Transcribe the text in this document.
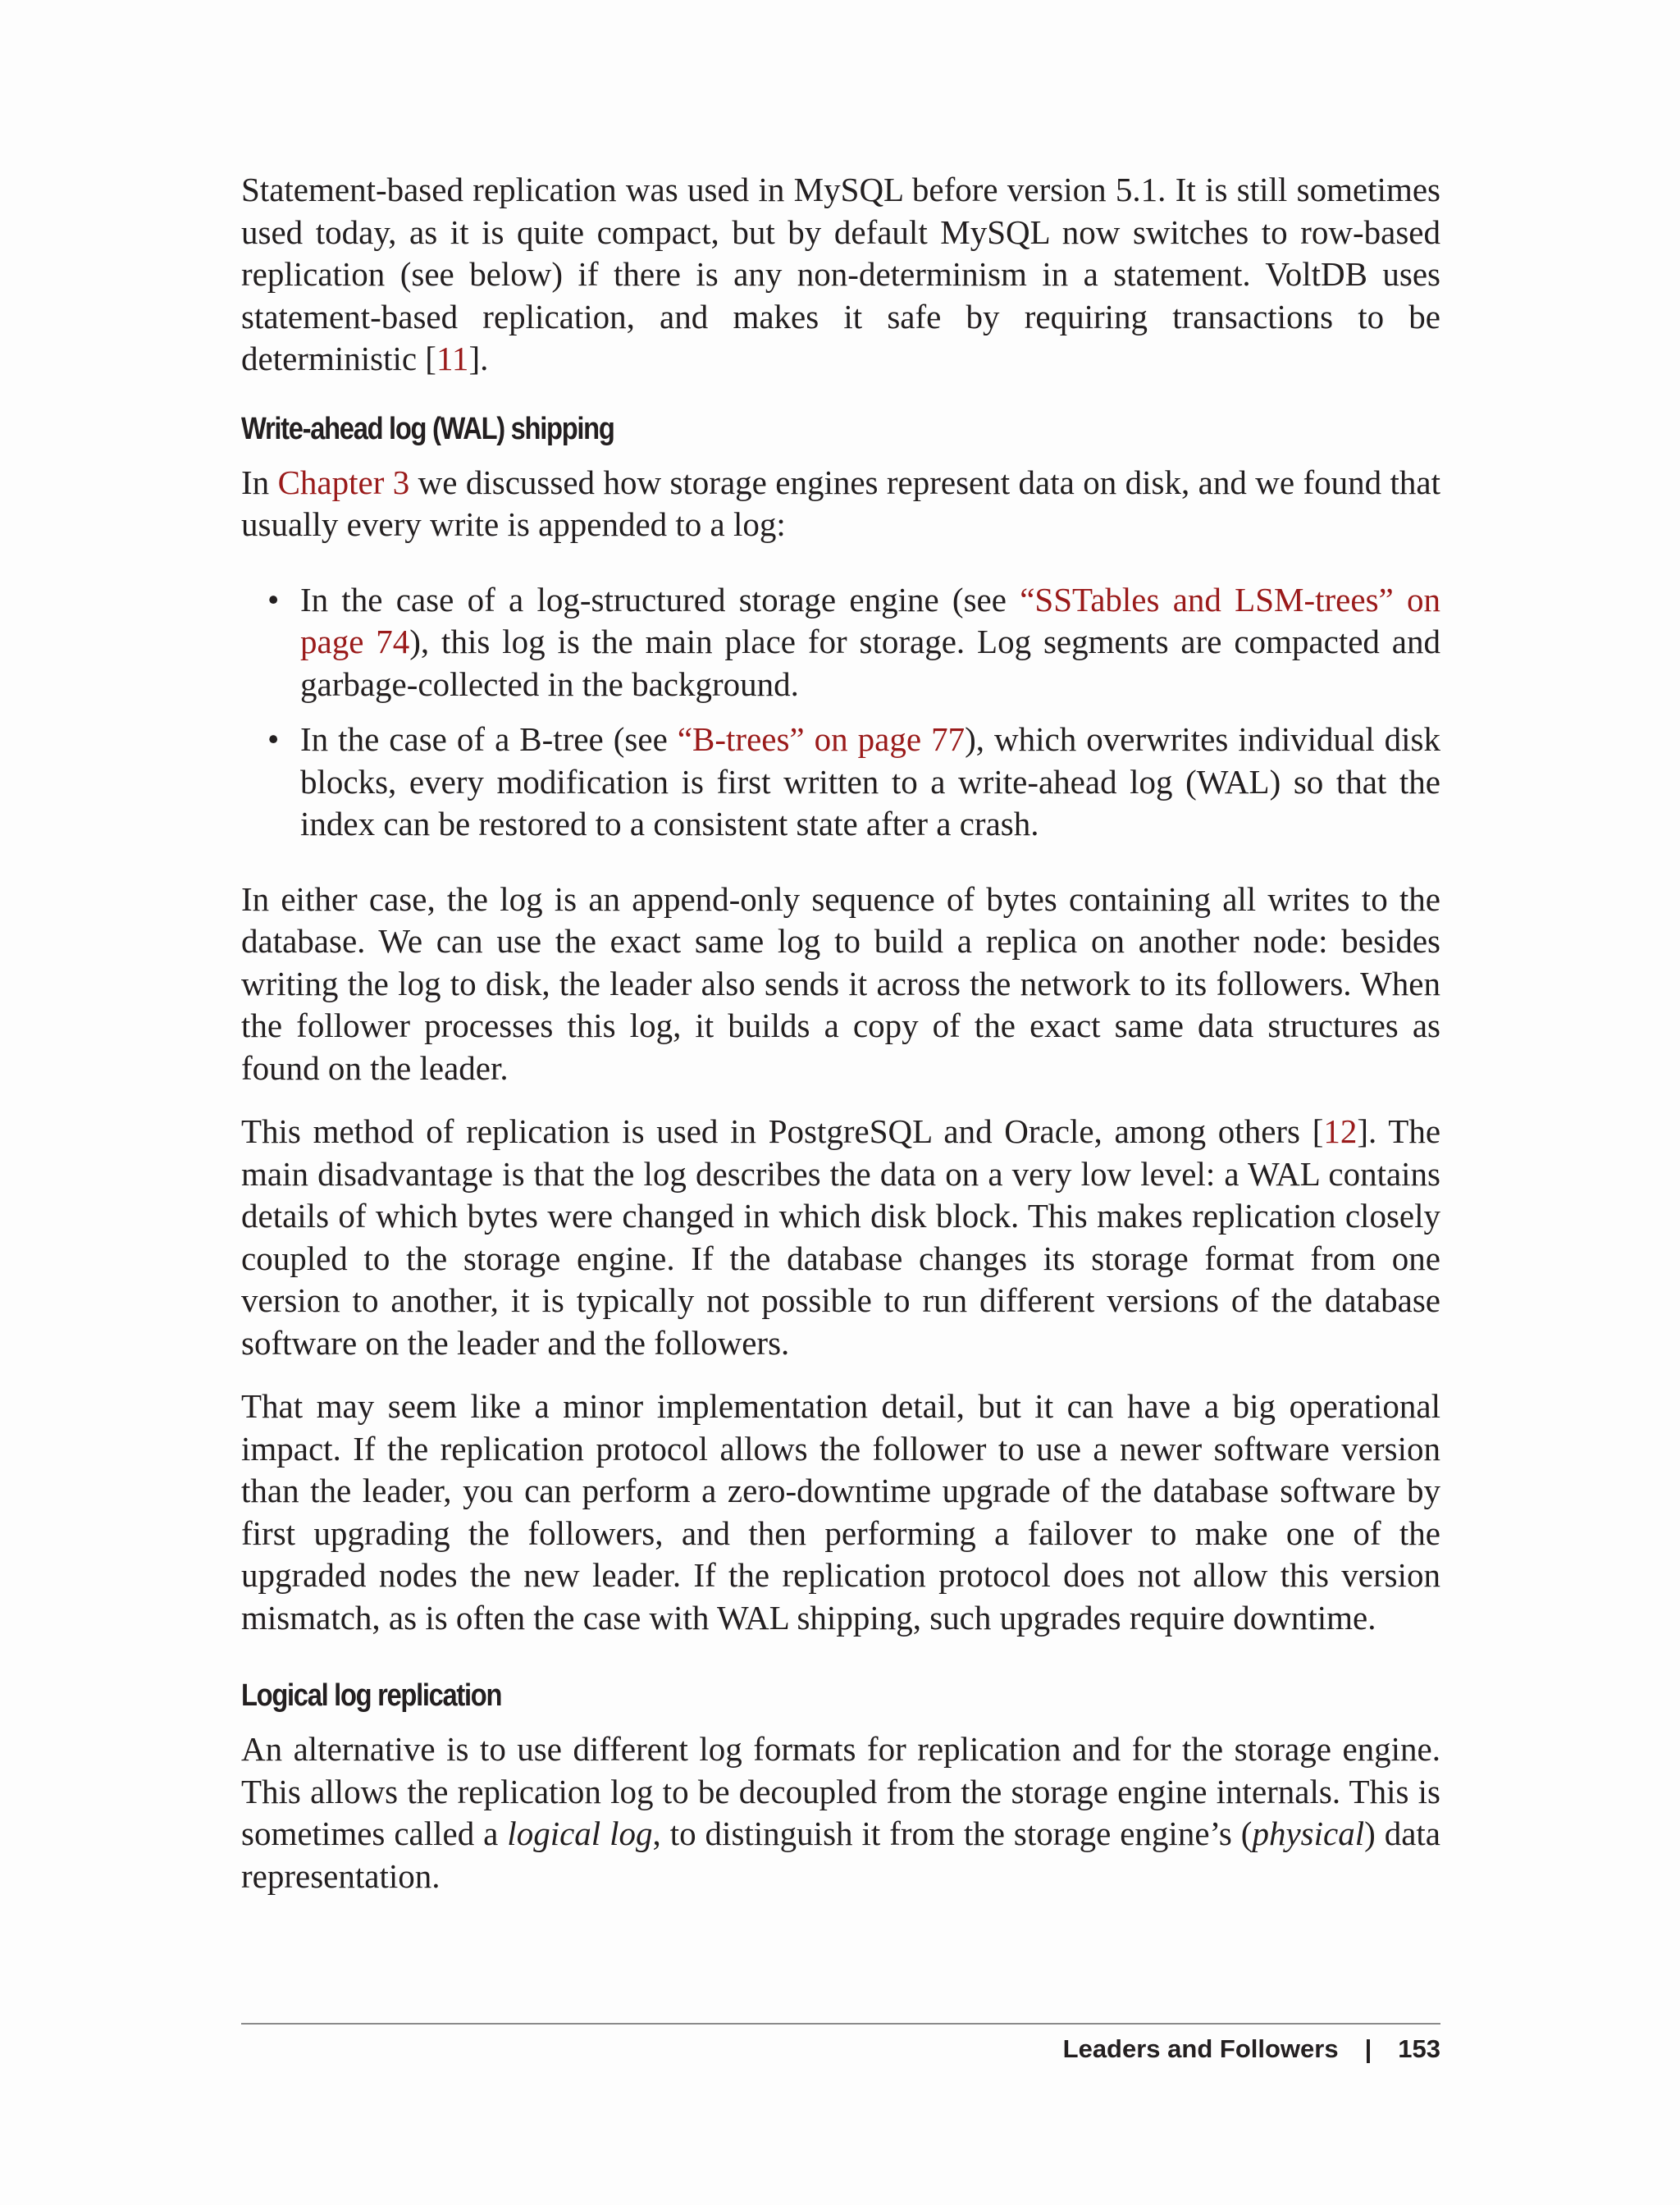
Statement-based replication was used in MySQL before version 5.1. It is still sometimes used today, as it is quite compact, but by default MySQL now switches to row-based replication (see below) if there is any non-determinism in a statement. VoltDB uses statement-based replication, and makes it safe by requiring transactions to be deterministic [11].

Write-ahead log (WAL) shipping

In Chapter 3 we discussed how storage engines represent data on disk, and we found that usually every write is appended to a log:

• In the case of a log-structured storage engine (see “SSTables and LSM-trees” on page 74), this log is the main place for storage. Log segments are compacted and garbage-collected in the background.
• In the case of a B-tree (see “B-trees” on page 77), which overwrites individual disk blocks, every modification is first written to a write-ahead log (WAL) so that the index can be restored to a consistent state after a crash.

In either case, the log is an append-only sequence of bytes containing all writes to the database. We can use the exact same log to build a replica on another node: besides writing the log to disk, the leader also sends it across the network to its followers. When the follower processes this log, it builds a copy of the exact same data structures as found on the leader.

This method of replication is used in PostgreSQL and Oracle, among others [12]. The main disadvantage is that the log describes the data on a very low level: a WAL contains details of which bytes were changed in which disk block. This makes replication closely coupled to the storage engine. If the database changes its storage format from one version to another, it is typically not possible to run different versions of the database software on the leader and the followers.

That may seem like a minor implementation detail, but it can have a big operational impact. If the replication protocol allows the follower to use a newer software version than the leader, you can perform a zero-downtime upgrade of the database software by first upgrading the followers, and then performing a failover to make one of the upgraded nodes the new leader. If the replication protocol does not allow this version mismatch, as is often the case with WAL shipping, such upgrades require downtime.

Logical log replication

An alternative is to use different log formats for replication and for the storage engine. This allows the replication log to be decoupled from the storage engine internals. This is sometimes called a logical log, to distinguish it from the storage engine’s (physical) data representation.

Leaders and Followers | 153
